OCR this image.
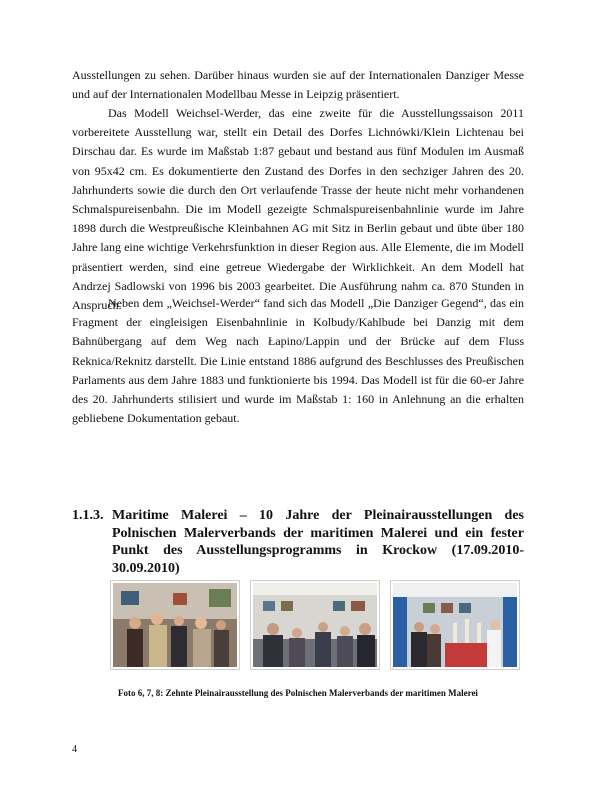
Ausstellungen zu sehen. Darüber hinaus wurden sie auf der Internationalen Danziger Messe und auf der Internationalen Modellbau Messe in Leipzig präsentiert.

Das Modell Weichsel-Werder, das eine zweite für die Ausstellungssaison 2011 vorbereitete Ausstellung war, stellt ein Detail des Dorfes Lichnówki/Klein Lichtenau bei Dirschau dar. Es wurde im Maßstab 1:87 gebaut und bestand aus fünf Modulen im Ausmaß von 95x42 cm. Es dokumentierte den Zustand des Dorfes in den sechziger Jahren des 20. Jahrhunderts sowie die durch den Ort verlaufende Trasse der heute nicht mehr vorhandenen Schmalspureisenbahn. Die im Modell gezeigte Schmalspureisenbahnlinie wurde im Jahre 1898 durch die Westpreußische Kleinbahnen AG mit Sitz in Berlin gebaut und übte über 180 Jahre lang eine wichtige Verkehrsfunktion in dieser Region aus. Alle Elemente, die im Modell präsentiert werden, sind eine getreue Wiedergabe der Wirklichkeit. An dem Modell hat Andrzej Sadlowski von 1996 bis 2003 gearbeitet. Die Ausführung nahm ca. 870 Stunden in Anspruch.

Neben dem „Weichsel-Werder“ fand sich das Modell „Die Danziger Gegend“, das ein Fragment der eingleisigen Eisenbahnlinie in Kolbudy/Kahlbude bei Danzig mit dem Bahnübergang auf dem Weg nach Łapino/Lappin und der Brücke auf dem Fluss Reknica/Reknitz darstellt. Die Linie entstand 1886 aufgrund des Beschlusses des Preußischen Parlaments aus dem Jahre 1883 und funktionierte bis 1994. Das Modell ist für die 60-er Jahre des 20. Jahrhunderts stilisiert und wurde im Maßstab 1: 160 in Anlehnung an die erhalten gebliebene Dokumentation gebaut.

1.1.3. Maritime Malerei – 10 Jahre der Pleinairausstellungen des Polnischen Malerverbands der maritimen Malerei und ein fester Punkt des Ausstellungsprogramms in Krockow (17.09.2010-30.09.2010)
Foto 6, 7, 8: Zehnte Pleinairausstellung des Polnischen Malerverbands der maritimen Malerei
4
